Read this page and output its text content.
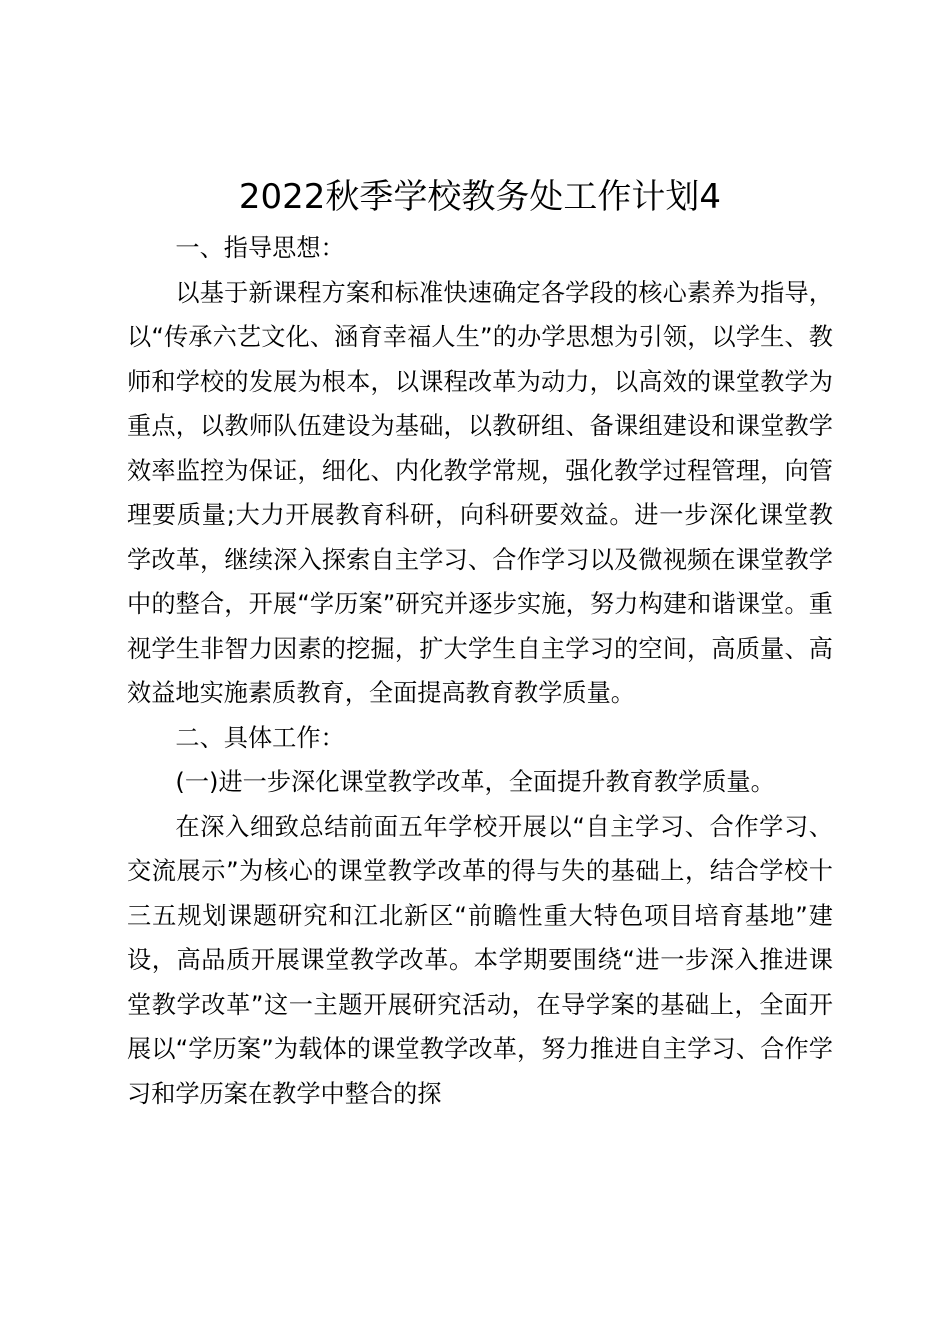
2022秋季学校教务处工作计划4

一、指导思想：

以基于新课程方案和标准快速确定各学段的核心素养为指导，以“传承六艺文化、涵育幸福人生”的办学思想为引领，以学生、教师和学校的发展为根本，以课程改革为动力，以高效的课堂教学为重点，以教师队伍建设为基础，以教研组、备课组建设和课堂教学效率监控为保证，细化、内化教学常规，强化教学过程管理，向管理要质量;大力开展教育科研，向科研要效益。进一步深化课堂教学改革，继续深入探索自主学习、合作学习以及微视频在课堂教学中的整合，开展“学历案”研究并逐步实施，努力构建和谐课堂。重视学生非智力因素的挖掘，扩大学生自主学习的空间，高质量、高效益地实施素质教育，全面提高教育教学质量。

二、具体工作：

(一)进一步深化课堂教学改革，全面提升教育教学质量。

在深入细致总结前面五年学校开展以“自主学习、合作学习、交流展示”为核心的课堂教学改革的得与失的基础上，结合学校十三五规划课题研究和江北新区“前瞻性重大特色项目培育基地”建设，高品质开展课堂教学改革。本学期要围绕“进一步深入推进课堂教学改革”这一主题开展研究活动，在导学案的基础上，全面开展以“学历案”为载体的课堂教学改革，努力推进自主学习、合作学习和学历案在教学中整合的探
